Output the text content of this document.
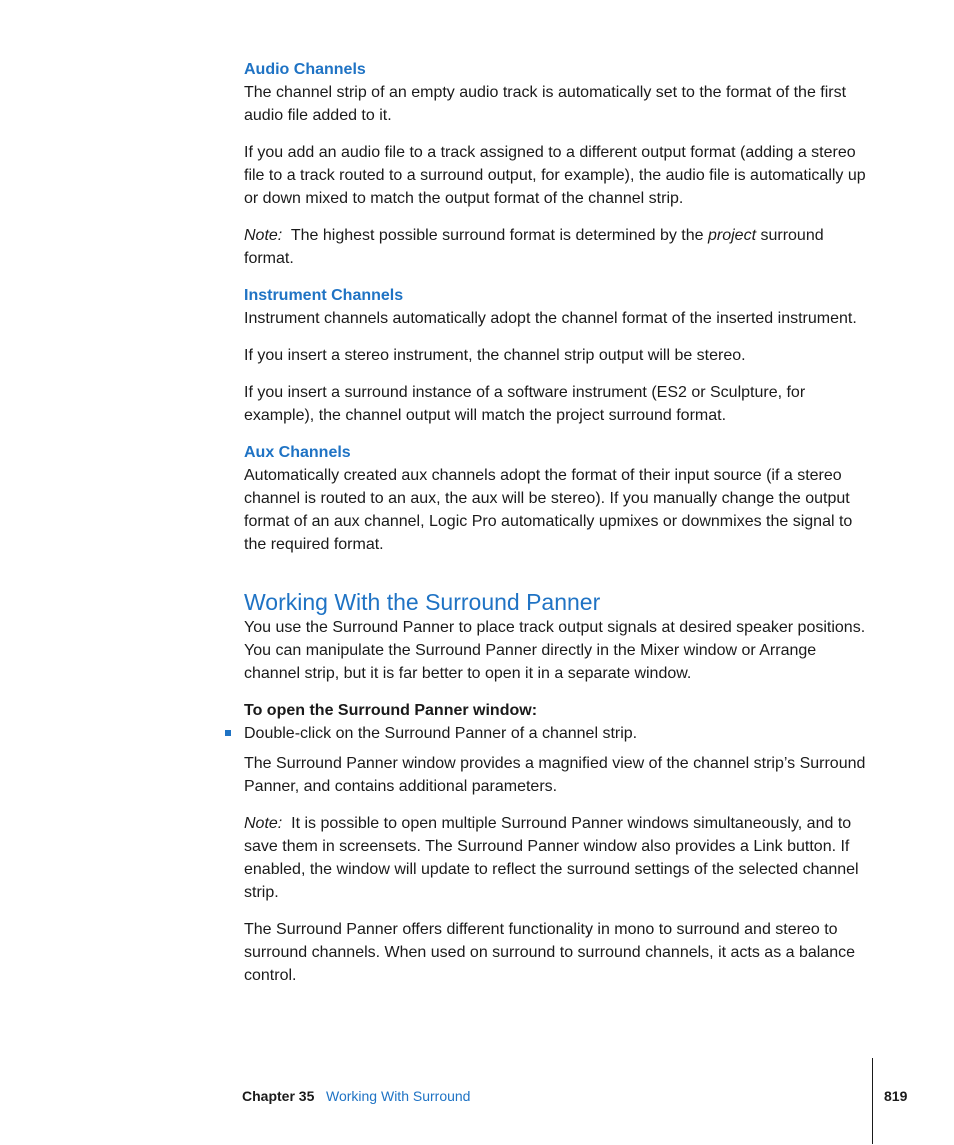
Audio Channels

The channel strip of an empty audio track is automatically set to the format of the first audio file added to it.

If you add an audio file to a track assigned to a different output format (adding a stereo file to a track routed to a surround output, for example), the audio file is automatically up or down mixed to match the output format of the channel strip.

Note: The highest possible surround format is determined by the project surround format.

Instrument Channels

Instrument channels automatically adopt the channel format of the inserted instrument.

If you insert a stereo instrument, the channel strip output will be stereo.

If you insert a surround instance of a software instrument (ES2 or Sculpture, for example), the channel output will match the project surround format.

Aux Channels

Automatically created aux channels adopt the format of their input source (if a stereo channel is routed to an aux, the aux will be stereo). If you manually change the output format of an aux channel, Logic Pro automatically upmixes or downmixes the signal to the required format.

Working With the Surround Panner

You use the Surround Panner to place track output signals at desired speaker positions. You can manipulate the Surround Panner directly in the Mixer window or Arrange channel strip, but it is far better to open it in a separate window.

To open the Surround Panner window:
Double-click on the Surround Panner of a channel strip.

The Surround Panner window provides a magnified view of the channel strip’s Surround Panner, and contains additional parameters.

Note: It is possible to open multiple Surround Panner windows simultaneously, and to save them in screensets. The Surround Panner window also provides a Link button. If enabled, the window will update to reflect the surround settings of the selected channel strip.

The Surround Panner offers different functionality in mono to surround and stereo to surround channels. When used on surround to surround channels, it acts as a balance control.

Chapter 35 Working With Surround	819
